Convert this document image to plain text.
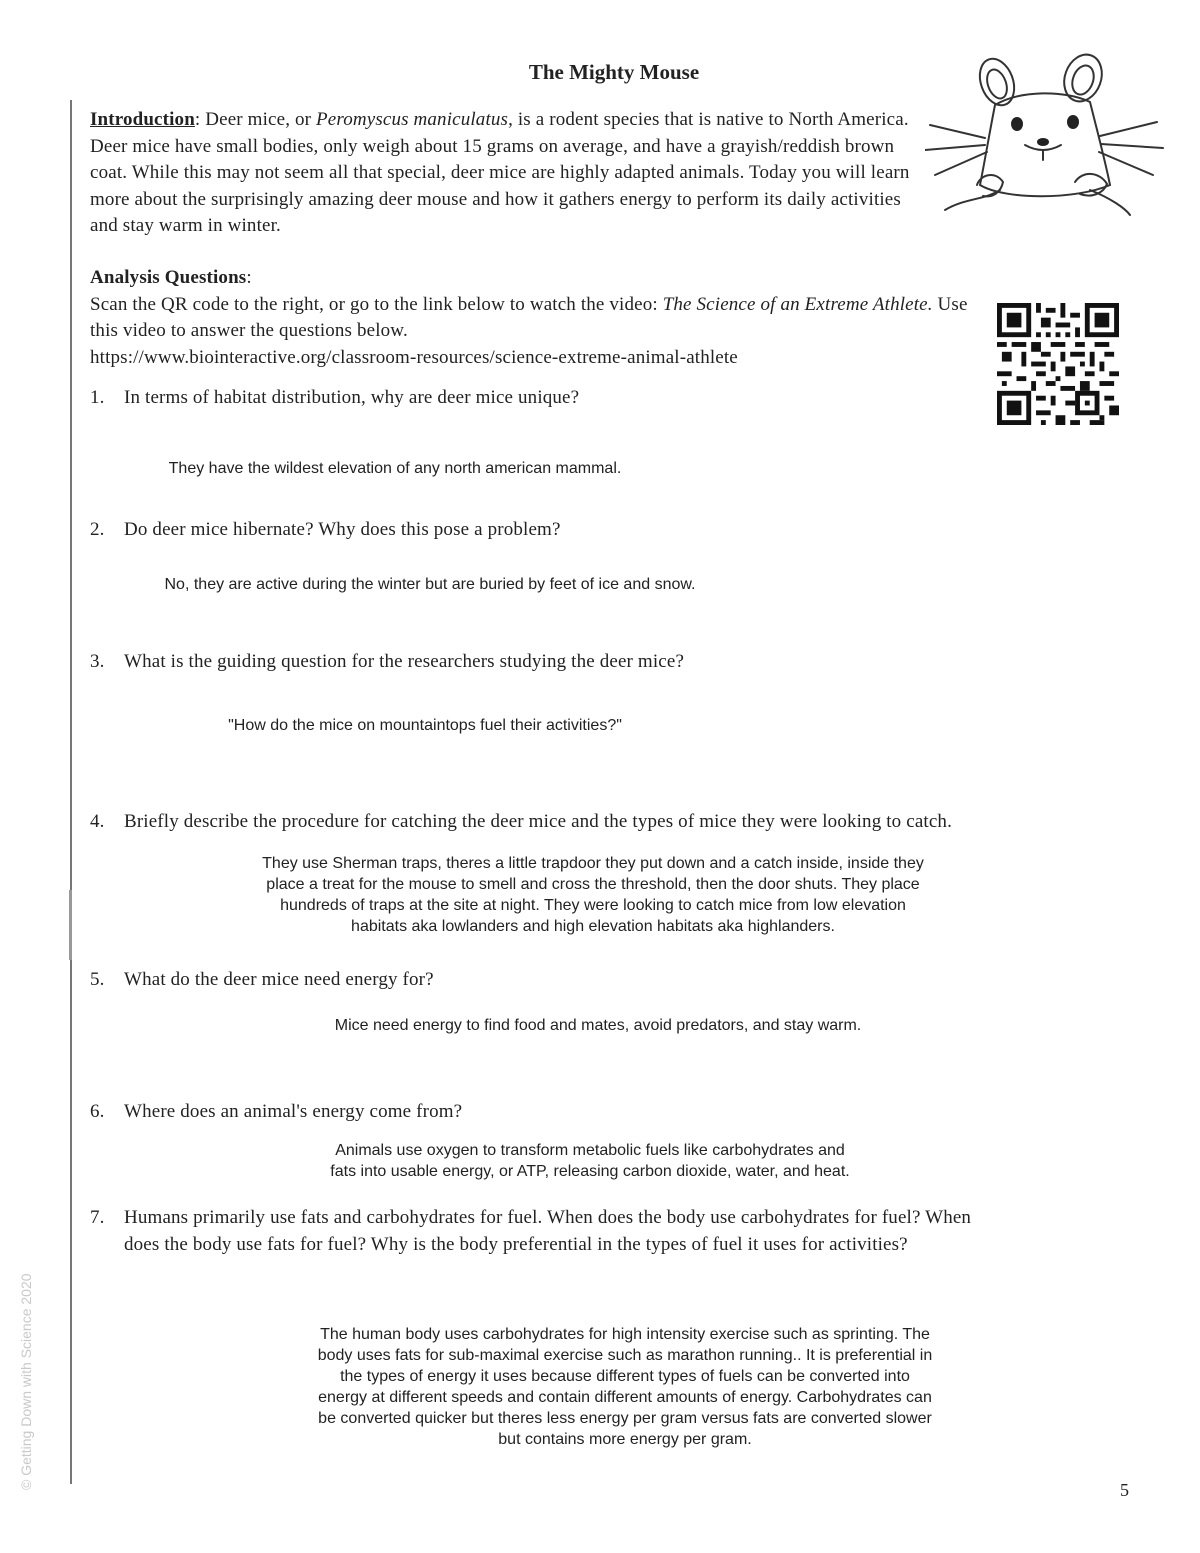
The Mighty Mouse
Introduction: Deer mice, or Peromyscus maniculatus, is a rodent species that is native to North America. Deer mice have small bodies, only weigh about 15 grams on average, and have a grayish/reddish brown coat. While this may not seem all that special, deer mice are highly adapted animals. Today you will learn more about the surprisingly amazing deer mouse and how it gathers energy to perform its daily activities and stay warm in winter.
Analysis Questions:
Scan the QR code to the right, or go to the link below to watch the video: The Science of an Extreme Athlete. Use this video to answer the questions below.
https://www.biointeractive.org/classroom-resources/science-extreme-animal-athlete
1. In terms of habitat distribution, why are deer mice unique?
They have the wildest elevation of any north american mammal.
2. Do deer mice hibernate? Why does this pose a problem?
No, they are active during the winter but are buried by feet of ice and snow.
3. What is the guiding question for the researchers studying the deer mice?
"How do the mice on mountaintops fuel their activities?"
4. Briefly describe the procedure for catching the deer mice and the types of mice they were looking to catch.
They use Sherman traps, theres a little trapdoor they put down and a catch inside, inside they
place a treat for the mouse to smell and cross the threshold, then the door shuts. They place
hundreds of traps at the site at night. They were looking to catch mice from low elevation
habitats aka lowlanders and high elevation habitats aka highlanders.
5. What do the deer mice need energy for?
Mice need energy to find food and mates, avoid predators, and stay warm.
6. Where does an animal's energy come from?
Animals use oxygen to transform metabolic fuels like carbohydrates and
fats into usable energy, or ATP, releasing carbon dioxide, water, and heat.
7. Humans primarily use fats and carbohydrates for fuel. When does the body use carbohydrates for fuel? When
does the body use fats for fuel? Why is the body preferential in the types of fuel it uses for activities?
The human body uses carbohydrates for high intensity exercise such as sprinting. The
body uses fats for sub-maximal exercise such as marathon running.. It is preferential in
the types of energy it uses because different types of fuels can be converted into
energy at different speeds and contain different amounts of energy. Carbohydrates can
be converted quicker but theres less energy per gram versus fats are converted slower
but contains more energy per gram.
© Getting Down with Science 2020	5
